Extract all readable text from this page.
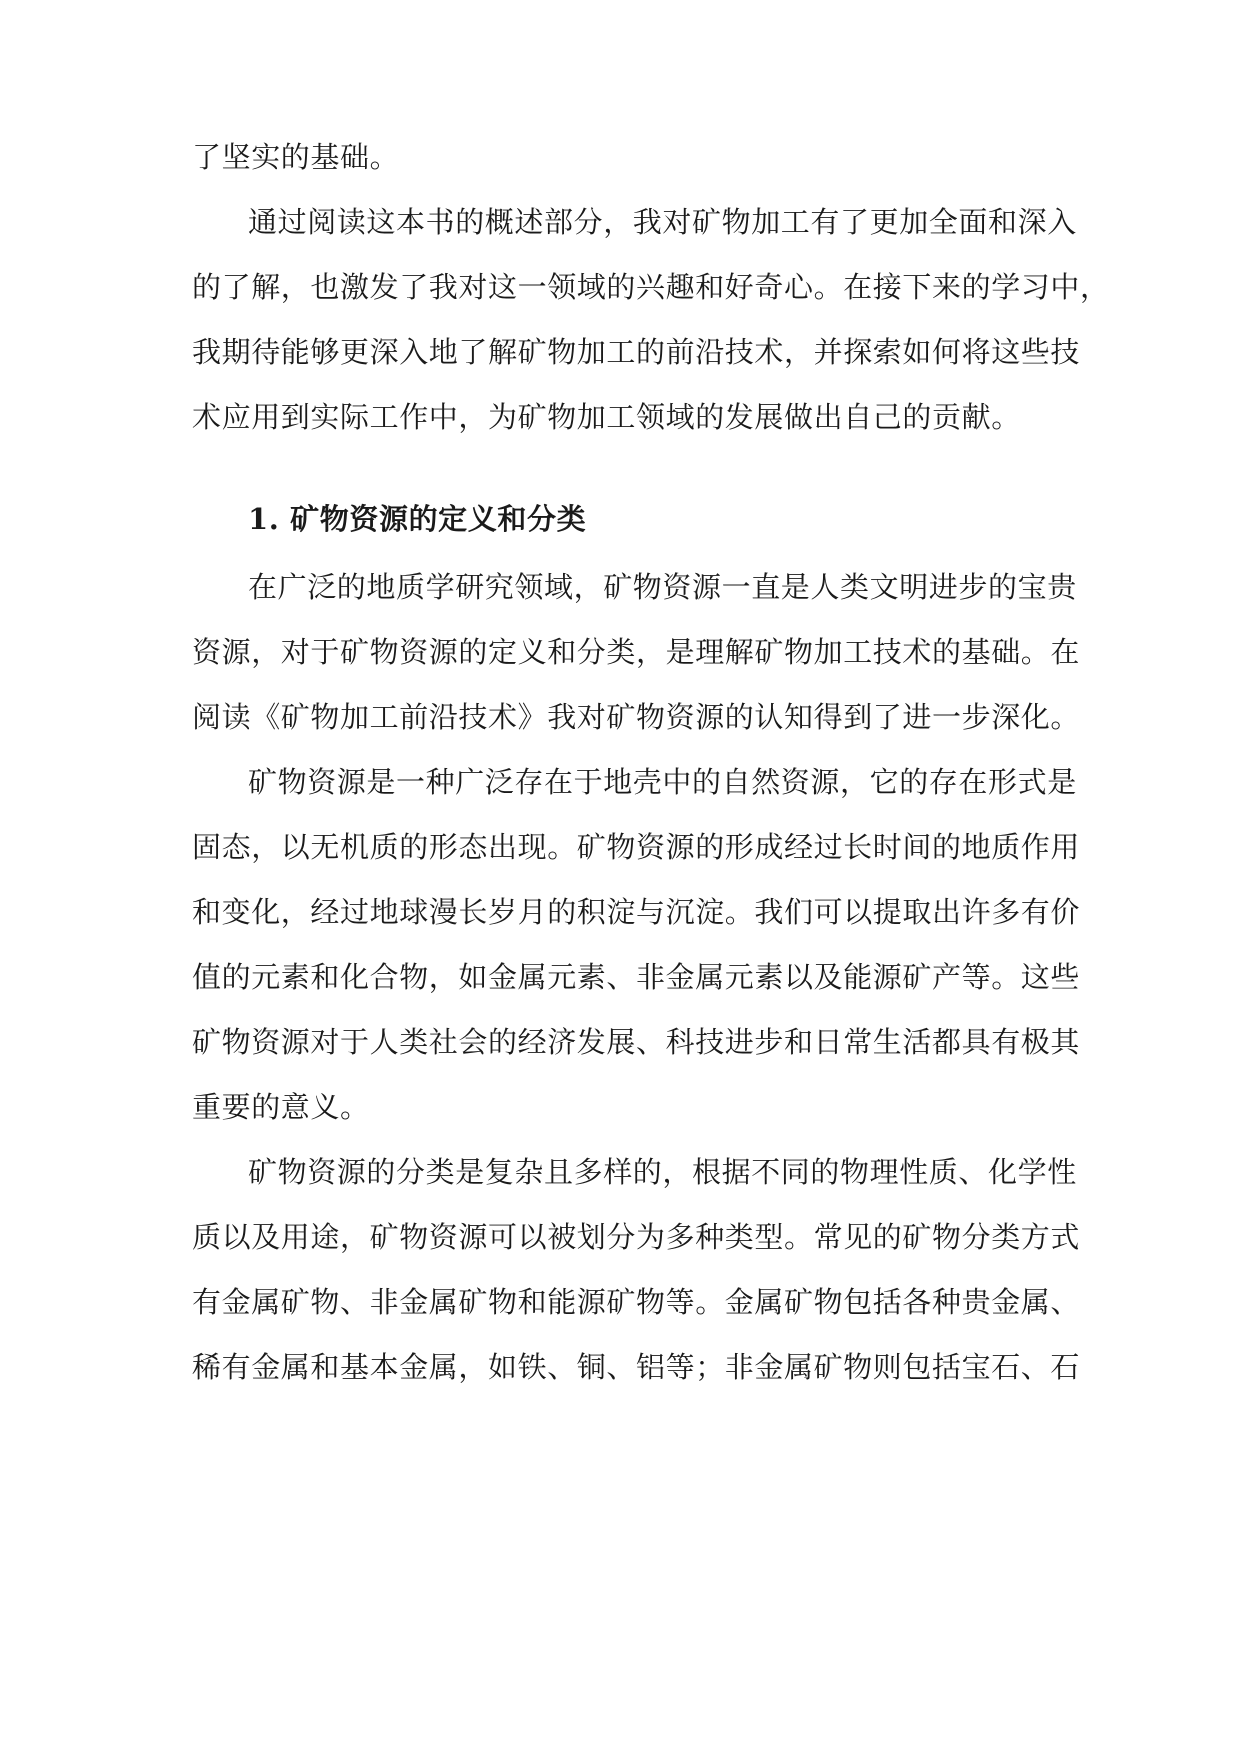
了坚实的基础。
通过阅读这本书的概述部分，我对矿物加工有了更加全面和深入
的了解，也激发了我对这一领域的兴趣和好奇心。在接下来的学习中，
我期待能够更深入地了解矿物加工的前沿技术，并探索如何将这些技
术应用到实际工作中，为矿物加工领域的发展做出自己的贡献。
1. 矿物资源的定义和分类
在广泛的地质学研究领域，矿物资源一直是人类文明进步的宝贵
资源，对于矿物资源的定义和分类，是理解矿物加工技术的基础。在
阅读《矿物加工前沿技术》我对矿物资源的认知得到了进一步深化。
矿物资源是一种广泛存在于地壳中的自然资源，它的存在形式是
固态，以无机质的形态出现。矿物资源的形成经过长时间的地质作用
和变化，经过地球漫长岁月的积淀与沉淀。我们可以提取出许多有价
值的元素和化合物，如金属元素、非金属元素以及能源矿产等。这些
矿物资源对于人类社会的经济发展、科技进步和日常生活都具有极其
重要的意义。
矿物资源的分类是复杂且多样的，根据不同的物理性质、化学性
质以及用途，矿物资源可以被划分为多种类型。常见的矿物分类方式
有金属矿物、非金属矿物和能源矿物等。金属矿物包括各种贵金属、
稀有金属和基本金属，如铁、铜、铝等；非金属矿物则包括宝石、石
